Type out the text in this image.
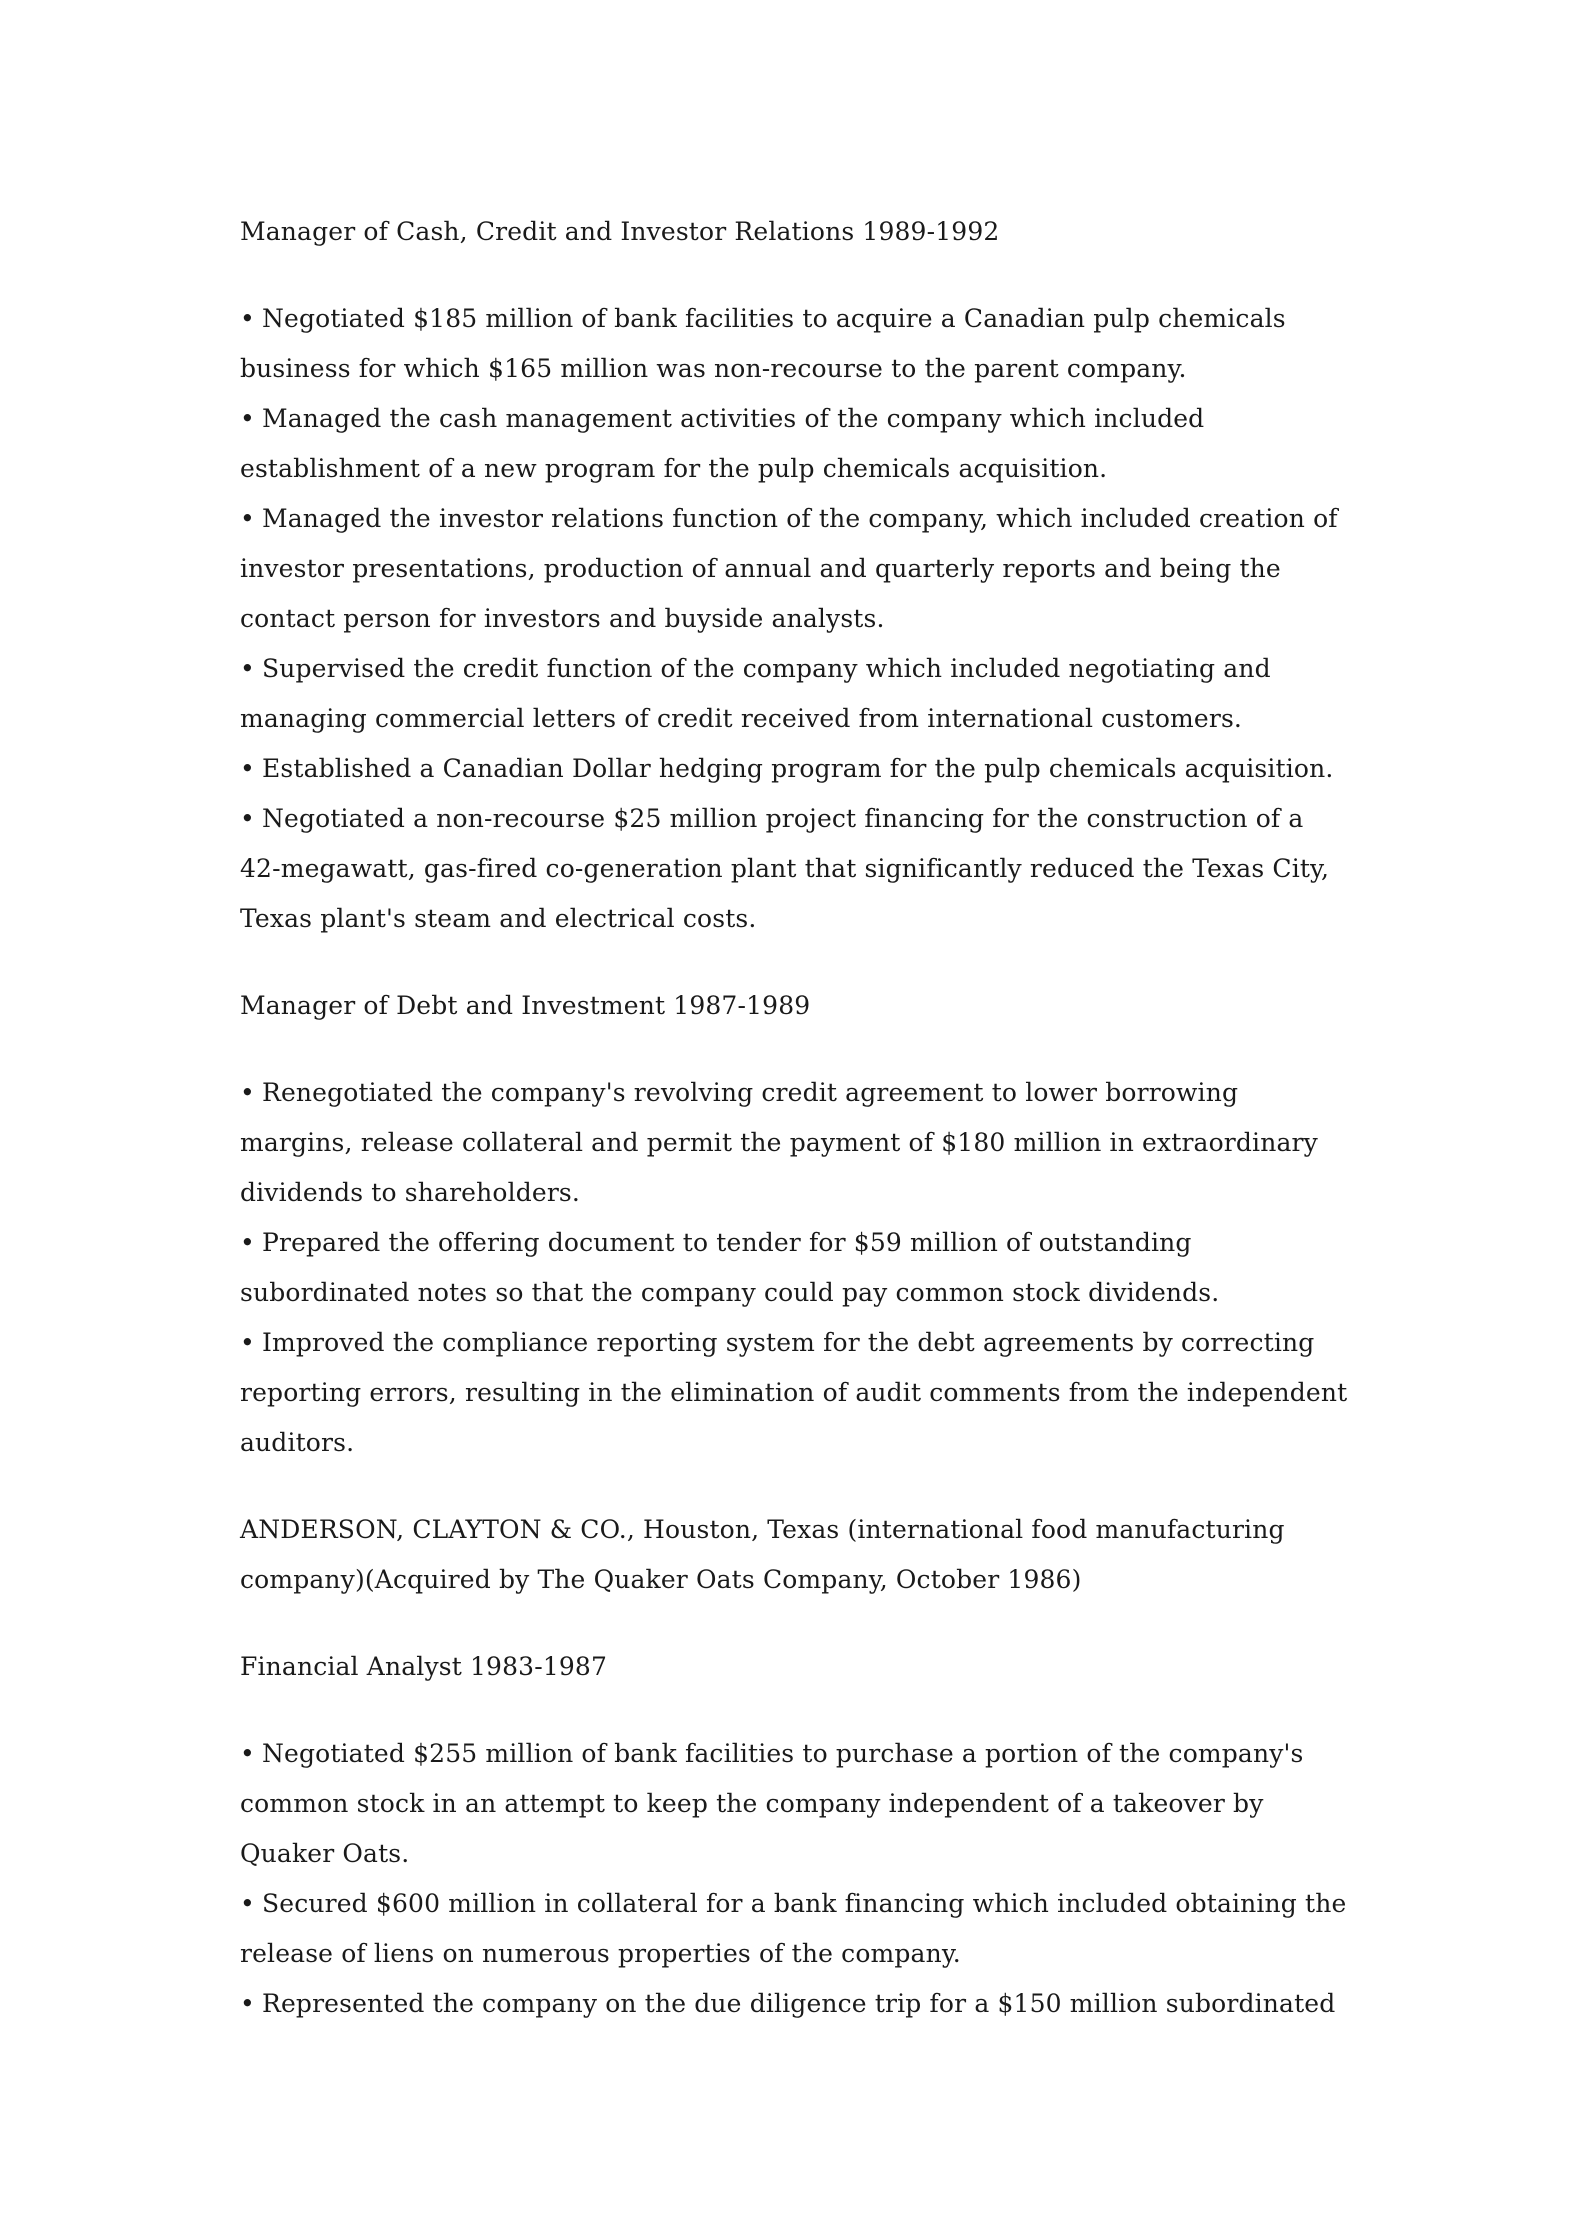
Manager of Cash, Credit and Investor Relations 1989-1992

• Negotiated $185 million of bank facilities to acquire a Canadian pulp chemicals business for which $165 million was non-recourse to the parent company.

• Managed the cash management activities of the company which included establishment of a new program for the pulp chemicals acquisition.

• Managed the investor relations function of the company, which included creation of investor presentations, production of annual and quarterly reports and being the contact person for investors and buyside analysts.

• Supervised the credit function of the company which included negotiating and managing commercial letters of credit received from international customers.

• Established a Canadian Dollar hedging program for the pulp chemicals acquisition.

• Negotiated a non-recourse $25 million project financing for the construction of a 42-megawatt, gas-fired co-generation plant that significantly reduced the Texas City, Texas plant's steam and electrical costs.

Manager of Debt and Investment 1987-1989

• Renegotiated the company's revolving credit agreement to lower borrowing margins, release collateral and permit the payment of $180 million in extraordinary dividends to shareholders.

• Prepared the offering document to tender for $59 million of outstanding subordinated notes so that the company could pay common stock dividends.

• Improved the compliance reporting system for the debt agreements by correcting reporting errors, resulting in the elimination of audit comments from the independent auditors.

ANDERSON, CLAYTON & CO., Houston, Texas (international food manufacturing company)(Acquired by The Quaker Oats Company, October 1986)

Financial Analyst 1983-1987

• Negotiated $255 million of bank facilities to purchase a portion of the company's common stock in an attempt to keep the company independent of a takeover by Quaker Oats.

• Secured $600 million in collateral for a bank financing which included obtaining the release of liens on numerous properties of the company.

• Represented the company on the due diligence trip for a $150 million subordinated
